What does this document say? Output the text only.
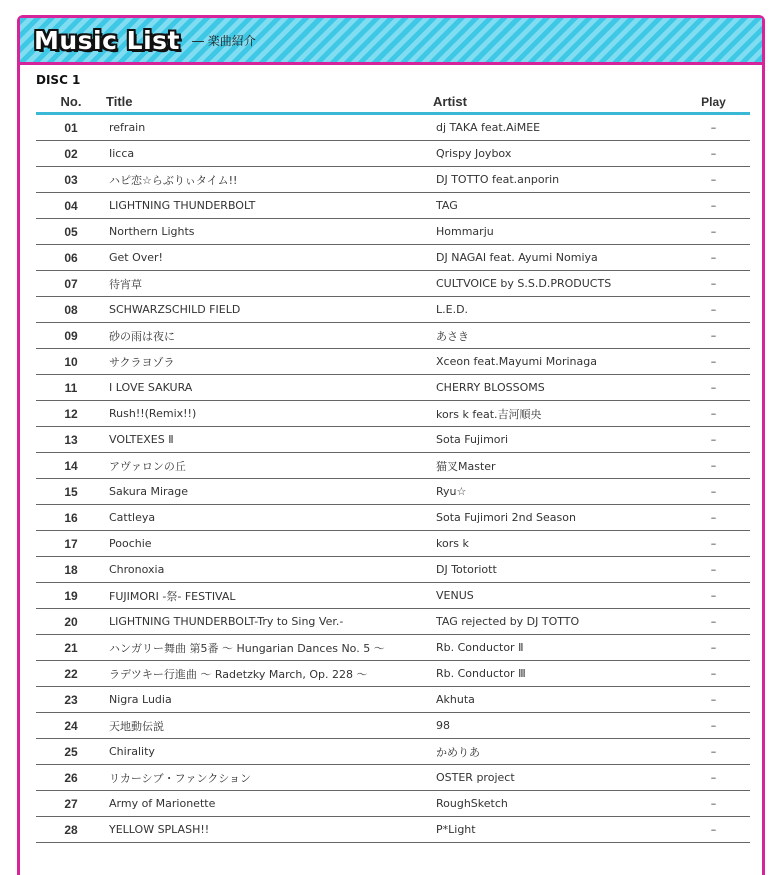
Music List ― 楽曲紹介
DISC 1
No.	Title	Artist	Play
01	refrain	dj TAKA feat.AiMEE	–
02	Iicca	Qrispy Joybox	–
03	ハピ恋☆らぶりぃタイム!!	DJ TOTTO feat.anporin	–
04	LIGHTNING THUNDERBOLT	TAG	–
05	Northern Lights	Hommarju	–
06	Get Over!	DJ NAGAI feat. Ayumi Nomiya	–
07	待宵草	CULTVOICE by S.S.D.PRODUCTS	–
08	SCHWARZSCHILD FIELD	L.E.D.	–
09	砂の雨は夜に	あさき	–
10	サクラヨゾラ	Xceon feat.Mayumi Morinaga	–
11	I LOVE SAKURA	CHERRY BLOSSOMS	–
12	Rush!!(Remix!!)	kors k feat.吉河順央	–
13	VOLTEXES Ⅱ	Sota Fujimori	–
14	アヴァロンの丘	猫叉Master	–
15	Sakura Mirage	Ryu☆	–
16	Cattleya	Sota Fujimori 2nd Season	–
17	Poochie	kors k	–
18	Chronoxia	DJ Totoriott	–
19	FUJIMORI -祭- FESTIVAL	VENUS	–
20	LIGHTNING THUNDERBOLT-Try to Sing Ver.-	TAG rejected by DJ TOTTO	–
21	ハンガリー舞曲 第5番 〜 Hungarian Dances No. 5 〜	Rb. Conductor Ⅱ	–
22	ラデツキー行進曲 〜 Radetzky March, Op. 228 〜	Rb. Conductor Ⅲ	–
23	Nigra Ludia	Akhuta	–
24	天地動伝説	98	–
25	Chirality	かめりあ	–
26	リカーシブ・ファンクション	OSTER project	–
27	Army of Marionette	RoughSketch	–
28	YELLOW SPLASH!!	P*Light	–
